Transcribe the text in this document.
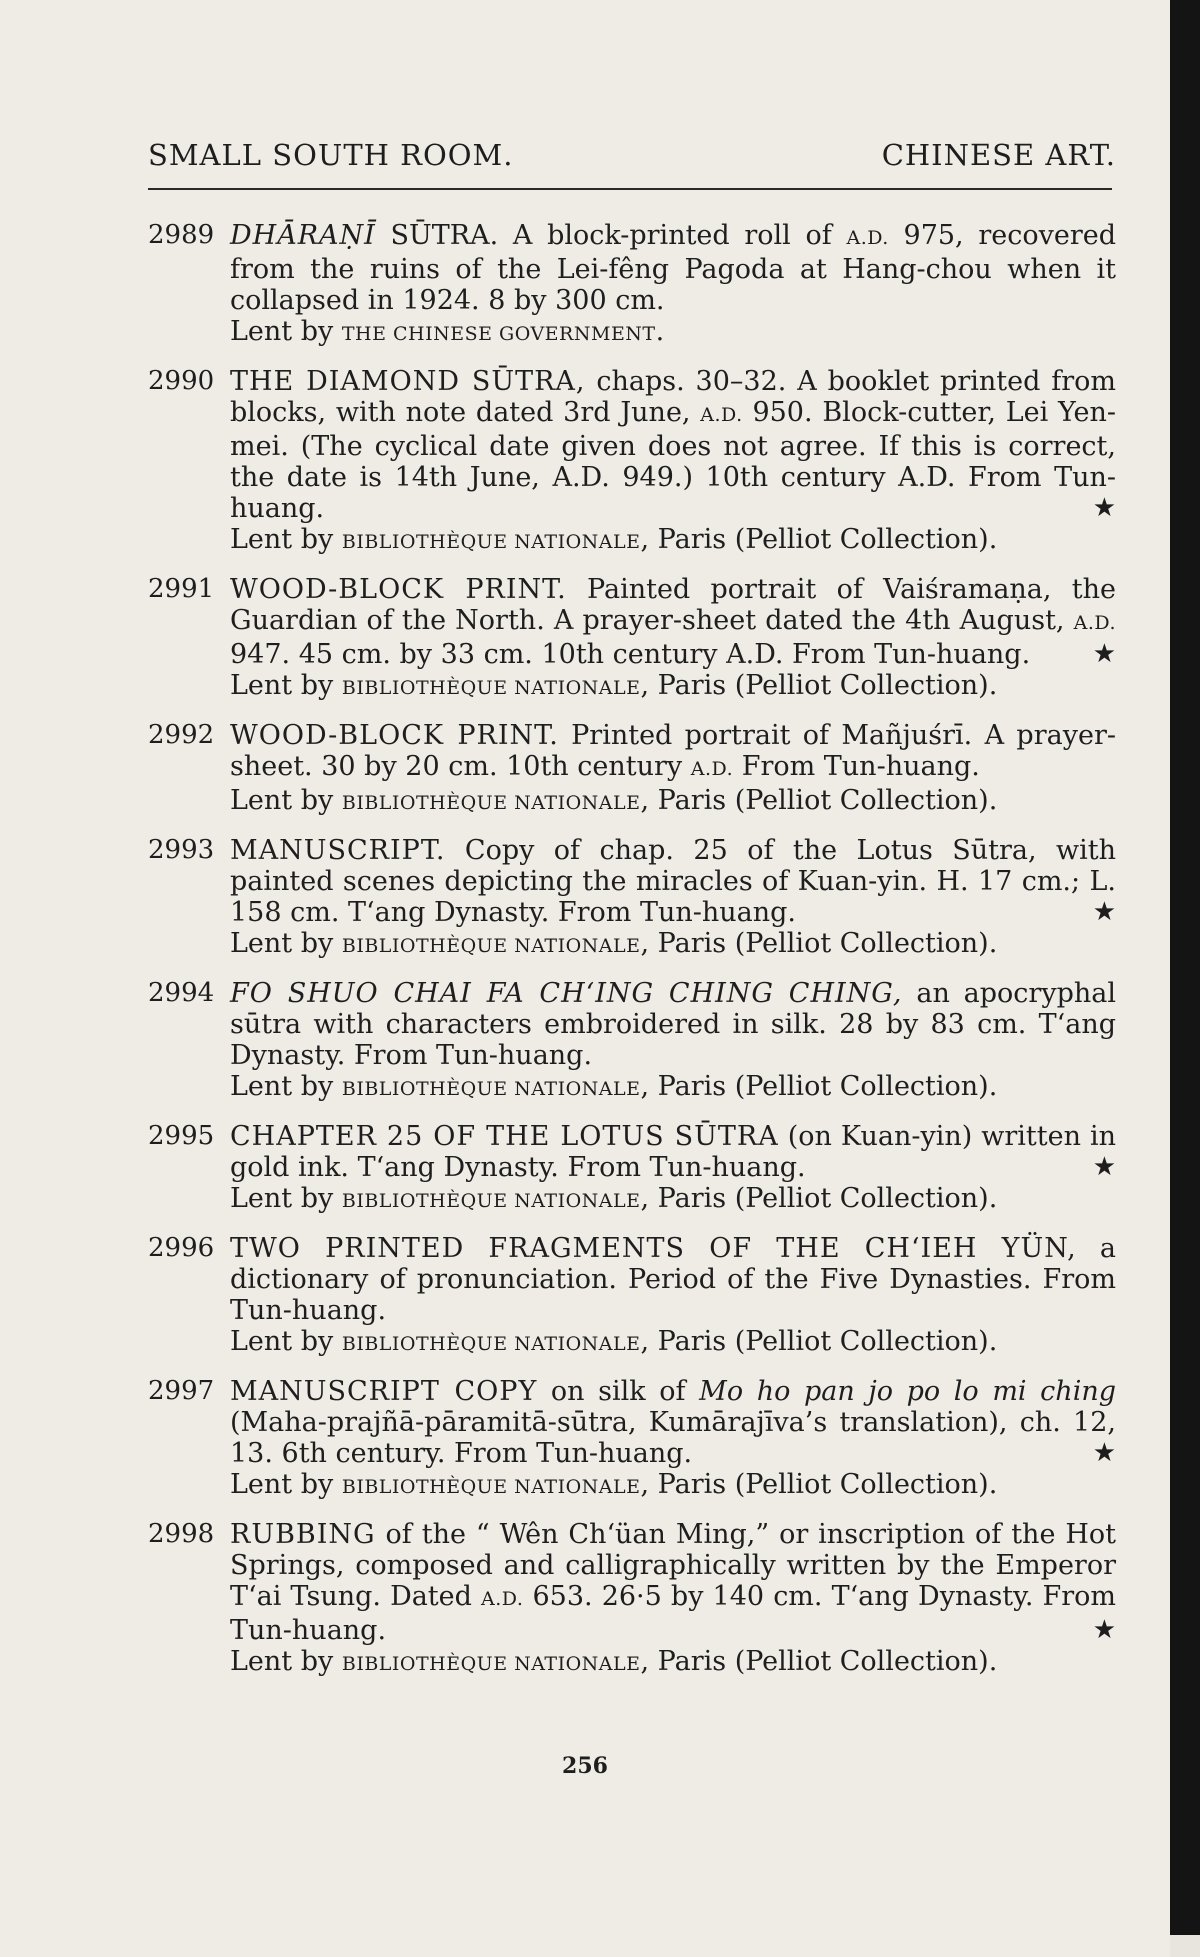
SMALL SOUTH ROOM.	CHINESE ART.
2989 DHĀRAṆĪ SŪTRA. A block-printed roll of A.D. 975, recovered from the ruins of the Lei-fêng Pagoda at Hang-chou when it collapsed in 1924. 8 by 300 cm.

Lent by THE CHINESE GOVERNMENT.

2990 THE DIAMOND SŪTRA, chaps. 30–32. A booklet printed from blocks, with note dated 3rd June, A.D. 950. Block-cutter, Lei Yen-mei. (The cyclical date given does not agree. If this is correct, the date is 14th June, A.D. 949.) 10th century A.D. From Tun-huang.	★

Lent by BIBLIOTHÈQUE NATIONALE, Paris (Pelliot Collection).

2991 WOOD-BLOCK PRINT. Painted portrait of Vaiśramaṇa, the Guardian of the North. A prayer-sheet dated the 4th August, A.D. 947. 45 cm. by 33 cm. 10th century A.D. From Tun-huang. ★

Lent by BIBLIOTHÈQUE NATIONALE, Paris (Pelliot Collection).

2992 WOOD-BLOCK PRINT. Printed portrait of Mañjuśrī. A prayer-sheet. 30 by 20 cm. 10th century A.D. From Tun-huang.

Lent by BIBLIOTHÈQUE NATIONALE, Paris (Pelliot Collection).

2993 MANUSCRIPT. Copy of chap. 25 of the Lotus Sūtra, with painted scenes depicting the miracles of Kuan-yin. H. 17 cm.; L. 158 cm. T‘ang Dynasty. From Tun-huang.	★

Lent by BIBLIOTHÈQUE NATIONALE, Paris (Pelliot Collection).

2994 FO SHUO CHAI FA CH‘ING CHING CHING, an apocryphal sūtra with characters embroidered in silk. 28 by 83 cm. T‘ang Dynasty. From Tun-huang.

Lent by BIBLIOTHÈQUE NATIONALE, Paris (Pelliot Collection).

2995 CHAPTER 25 OF THE LOTUS SŪTRA (on Kuan-yin) written in gold ink. T‘ang Dynasty. From Tun-huang.	★

Lent by BIBLIOTHÈQUE NATIONALE, Paris (Pelliot Collection).

2996 TWO PRINTED FRAGMENTS OF THE CH‘IEH YÜN, a dictionary of pronunciation. Period of the Five Dynasties. From Tun-huang.

Lent by BIBLIOTHÈQUE NATIONALE, Paris (Pelliot Collection).

2997 MANUSCRIPT COPY on silk of Mo ho pan jo po lo mi ching (Maha-prajñā-pāramitā-sūtra, Kumārajīva’s translation), ch. 12, 13. 6th century. From Tun-huang.	★

Lent by BIBLIOTHÈQUE NATIONALE, Paris (Pelliot Collection).

2998 RUBBING of the “ Wên Ch‘üan Ming,” or inscription of the Hot Springs, composed and calligraphically written by the Emperor T‘ai Tsung. Dated A.D. 653. 26·5 by 140 cm. T‘ang Dynasty. From Tun-huang.	★

Lent by BIBLIOTHÈQUE NATIONALE, Paris (Pelliot Collection).

256
